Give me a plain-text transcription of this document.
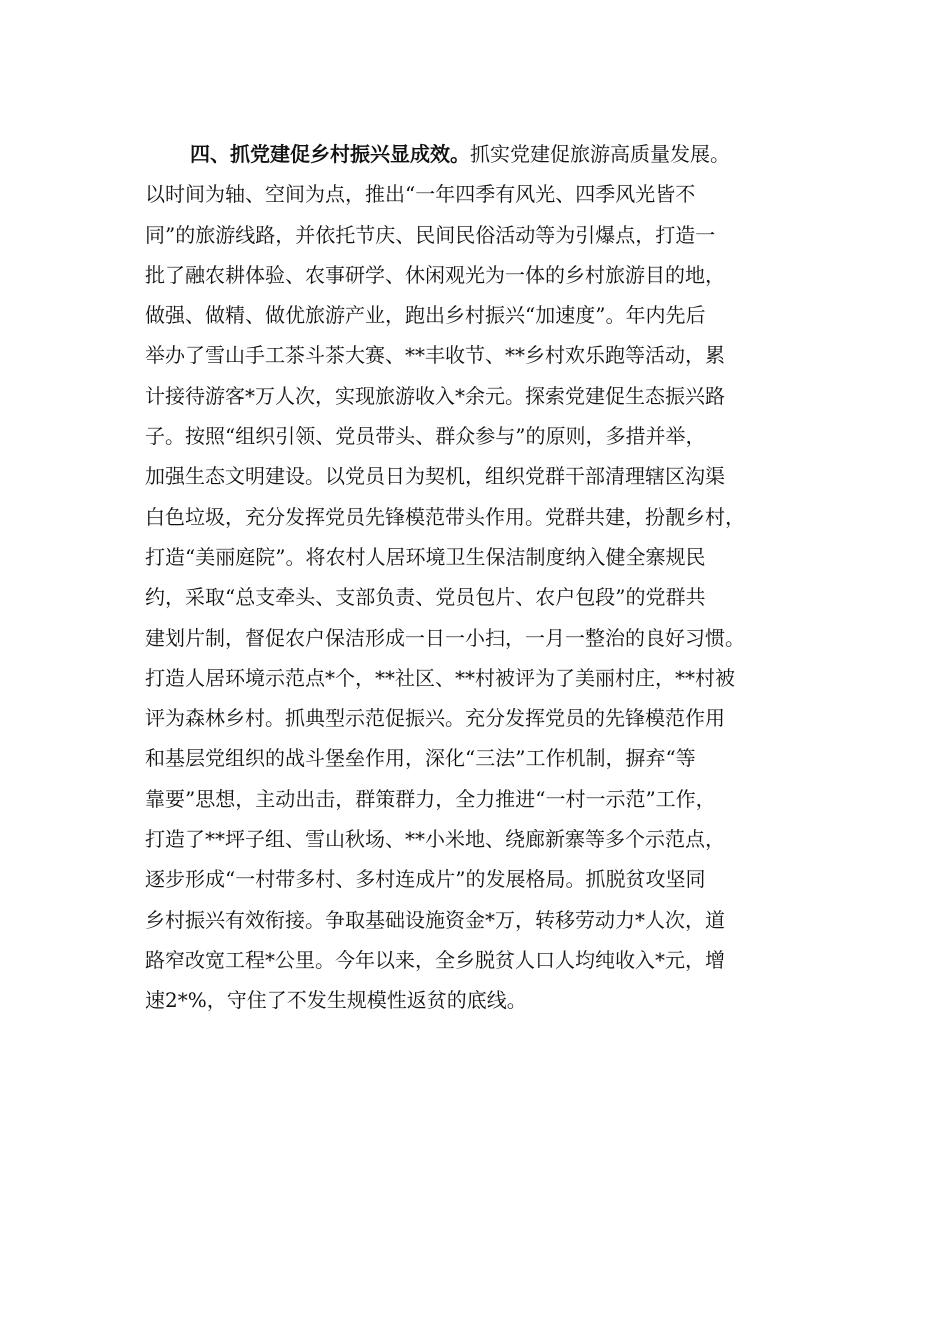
四、抓党建促乡村振兴显成效。抓实党建促旅游高质量发展。
以时间为轴、空间为点，推出“一年四季有风光、四季风光皆不
同”的旅游线路，并依托节庆、民间民俗活动等为引爆点，打造一
批了融农耕体验、农事研学、休闲观光为一体的乡村旅游目的地，
做强、做精、做优旅游产业，跑出乡村振兴“加速度”。年内先后
举办了雪山手工茶斗茶大赛、**丰收节、**乡村欢乐跑等活动，累
计接待游客*万人次，实现旅游收入*余元。探索党建促生态振兴路
子。按照“组织引领、党员带头、群众参与”的原则，多措并举，
加强生态文明建设。以党员日为契机，组织党群干部清理辖区沟渠
白色垃圾，充分发挥党员先锋模范带头作用。党群共建，扮靓乡村，
打造“美丽庭院”。将农村人居环境卫生保洁制度纳入健全寨规民
约，采取“总支牵头、支部负责、党员包片、农户包段”的党群共
建划片制，督促农户保洁形成一日一小扫，一月一整治的良好习惯。
打造人居环境示范点*个，**社区、**村被评为了美丽村庄，**村被
评为森林乡村。抓典型示范促振兴。充分发挥党员的先锋模范作用
和基层党组织的战斗堡垒作用，深化“三法”工作机制，摒弃“等
靠要”思想，主动出击，群策群力，全力推进“一村一示范”工作，
打造了**坪子组、雪山秋场、**小米地、绕廊新寨等多个示范点，
逐步形成“一村带多村、多村连成片”的发展格局。抓脱贫攻坚同
乡村振兴有效衔接。争取基础设施资金*万，转移劳动力*人次，道
路窄改宽工程*公里。今年以来，全乡脱贫人口人均纯收入*元，增
速2*%，守住了不发生规模性返贫的底线。
